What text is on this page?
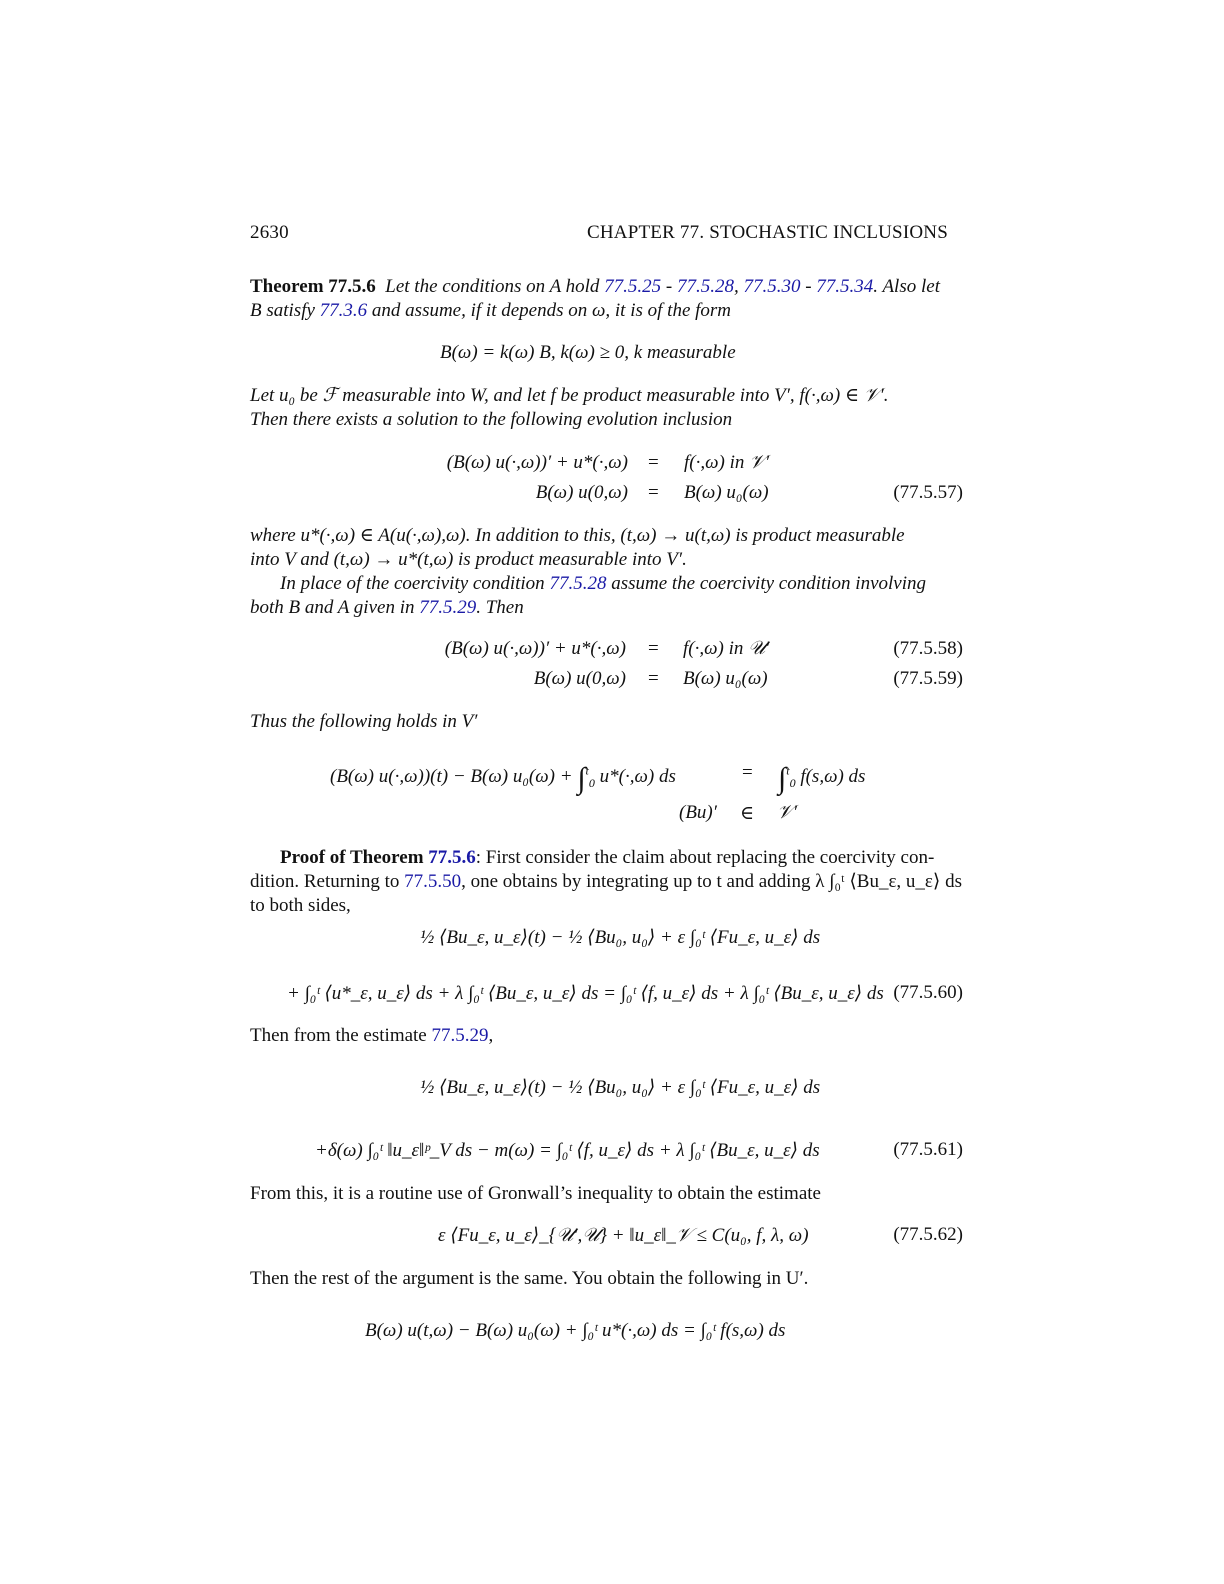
2630	CHAPTER 77. STOCHASTIC INCLUSIONS
Theorem 77.5.6 Let the conditions on A hold 77.5.25 - 77.5.28, 77.5.30 - 77.5.34. Also let
B satisfy 77.3.6 and assume, if it depends on ω, it is of the form
B(ω) = k(ω) B, k(ω) ≥ 0, k measurable
Let u₀ be ℱ measurable into W, and let f be product measurable into V′, f(·,ω) ∈ 𝒱′.
Then there exists a solution to the following evolution inclusion
(B(ω) u(·,ω))′ + u*(·,ω) = f(·,ω) in 𝒱′
B(ω) u(0,ω) = B(ω) u₀(ω)	(77.5.57)
where u*(·,ω) ∈ A(u(·,ω),ω). In addition to this, (t,ω) → u(t,ω) is product measurable
into V and (t,ω) → u*(t,ω) is product measurable into V′.
In place of the coercivity condition 77.5.28 assume the coercivity condition involving
both B and A given in 77.5.29. Then
(B(ω) u(·,ω))′ + u*(·,ω) = f(·,ω) in 𝒰′	(77.5.58)
B(ω) u(0,ω) = B(ω) u₀(ω)	(77.5.59)
Thus the following holds in V′
(B(ω) u(·,ω))(t) − B(ω) u₀(ω) + ∫$^t_0$ u*(·,ω) ds	= ∫$^t_0$ f(s,ω) ds
(Bu)′ ∈ 𝒱′
Proof of Theorem 77.5.6: First consider the claim about replacing the coercivity con-
dition. Returning to 77.5.50, one obtains by integrating up to t and adding λ ∫₀ᵗ ⟨Bu_ε, u_ε⟩ ds
to both sides,
½ ⟨Bu_ε, u_ε⟩(t) − ½ ⟨Bu₀, u₀⟩ + ε ∫₀ᵗ ⟨Fu_ε, u_ε⟩ ds
+ ∫₀ᵗ ⟨u*_ε, u_ε⟩ ds + λ ∫₀ᵗ ⟨Bu_ε, u_ε⟩ ds = ∫₀ᵗ ⟨f, u_ε⟩ ds + λ ∫₀ᵗ ⟨Bu_ε, u_ε⟩ ds (77.5.60)
Then from the estimate 77.5.29,
½ ⟨Bu_ε, u_ε⟩(t) − ½ ⟨Bu₀, u₀⟩ + ε ∫₀ᵗ ⟨Fu_ε, u_ε⟩ ds
+δ(ω) ∫₀ᵗ ‖u_ε‖ᵖ_V ds − m(ω) = ∫₀ᵗ ⟨f, u_ε⟩ ds + λ ∫₀ᵗ ⟨Bu_ε, u_ε⟩ ds	(77.5.61)
From this, it is a routine use of Gronwall’s inequality to obtain the estimate
ε ⟨Fu_ε, u_ε⟩_{𝒰′,𝒰} + ‖u_ε‖_𝒱 ≤ C(u₀, f, λ, ω)	(77.5.62)
Then the rest of the argument is the same. You obtain the following in U′.
B(ω) u(t,ω) − B(ω) u₀(ω) + ∫₀ᵗ u*(·,ω) ds = ∫₀ᵗ f(s,ω) ds
